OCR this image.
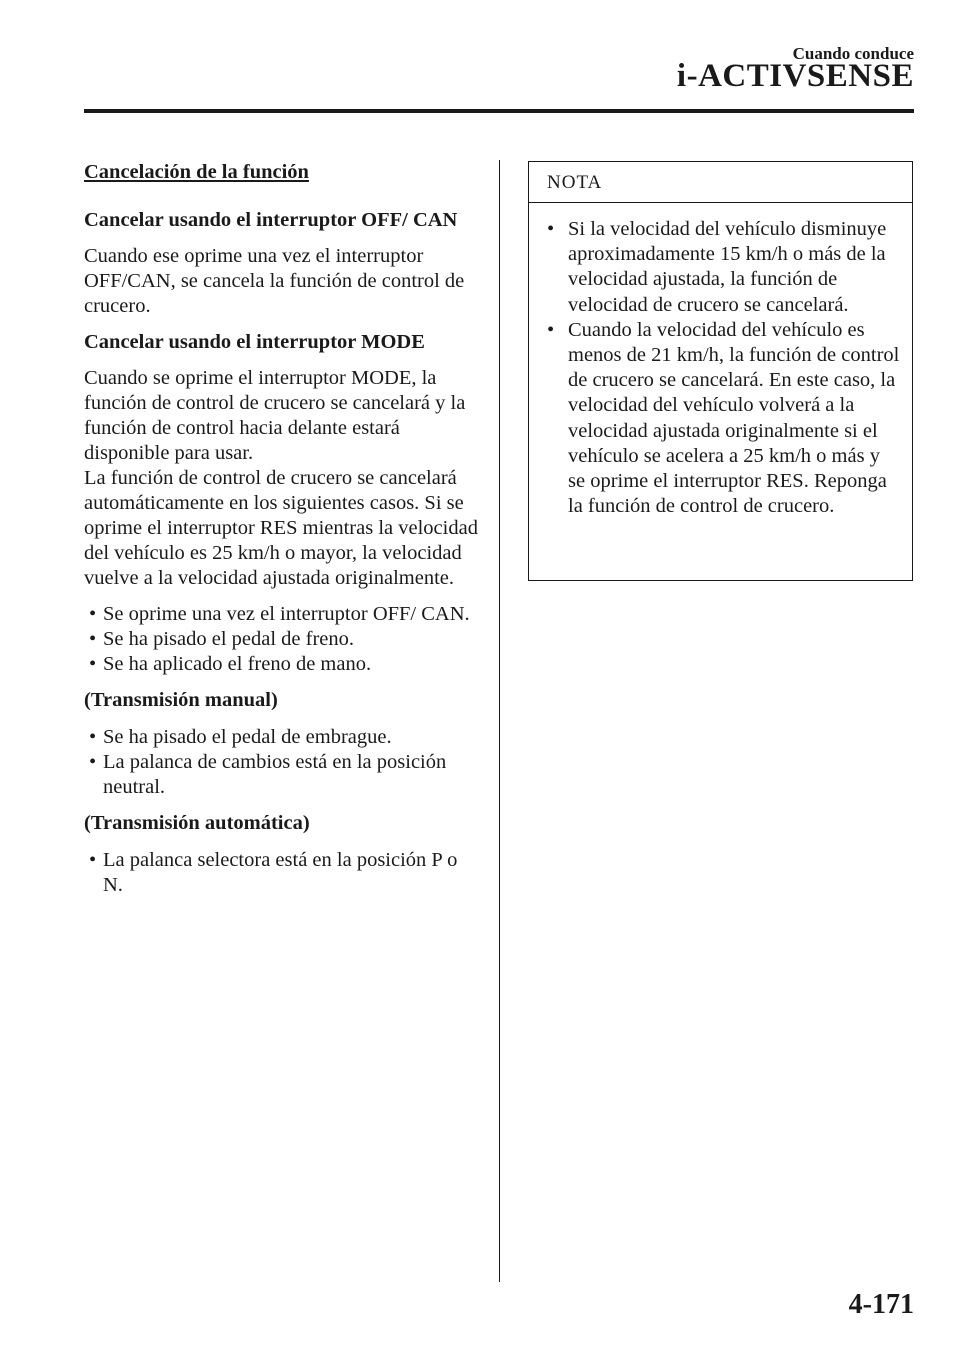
Cuando conduce
i-ACTIVSENSE
Cancelación de la función
Cancelar usando el interruptor OFF/ CAN
Cuando ese oprime una vez el interruptor OFF/CAN, se cancela la función de control de crucero.
Cancelar usando el interruptor MODE
Cuando se oprime el interruptor MODE, la función de control de crucero se cancelará y la función de control hacia delante estará disponible para usar.
La función de control de crucero se cancelará automáticamente en los siguientes casos. Si se oprime el interruptor RES mientras la velocidad del vehículo es 25 km/h o mayor, la velocidad vuelve a la velocidad ajustada originalmente.
• Se oprime una vez el interruptor OFF/ CAN.
• Se ha pisado el pedal de freno.
• Se ha aplicado el freno de mano.
(Transmisión manual)
• Se ha pisado el pedal de embrague.
• La palanca de cambios está en la posición neutral.
(Transmisión automática)
• La palanca selectora está en la posición P o N.
NOTA
• Si la velocidad del vehículo disminuye aproximadamente 15 km/h o más de la velocidad ajustada, la función de velocidad de crucero se cancelará.
• Cuando la velocidad del vehículo es menos de 21 km/h, la función de control de crucero se cancelará. En este caso, la velocidad del vehículo volverá a la velocidad ajustada originalmente si el vehículo se acelera a 25 km/h o más y se oprime el interruptor RES. Reponga la función de control de crucero.
4-171
